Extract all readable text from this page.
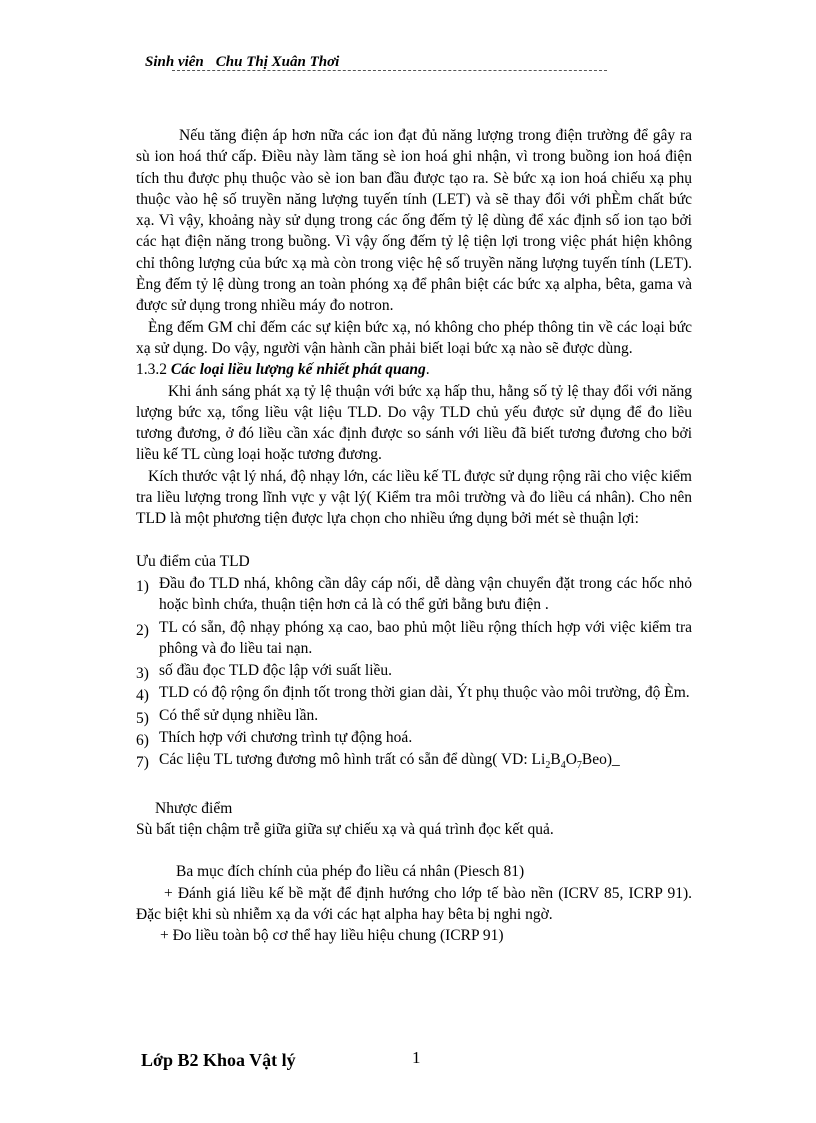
Sinh viên Chu Thị Xuân Thơi

Nếu tăng điện áp hơn nữa các ion đạt đủ năng lượng trong điện trường để gây ra sù ion hoá thứ cấp. Điều này làm tăng sè ion hoá ghi nhận, vì trong buồng ion hoá điện tích thu được phụ thuộc vào sè ion ban đầu được tạo ra. Sè bức xạ ion hoá chiếu xạ phụ thuộc vào hệ số truyền năng lượng tuyến tính (LET) và sẽ thay đổi với phÈm chất bức xạ. Vì vậy, khoảng này sử dụng trong các ống đếm tỷ lệ dùng để xác định số ion tạo bởi các hạt điện năng trong buồng. Vì vậy ống đếm tỷ lệ tiện lợi trong việc phát hiện không chỉ thông lượng của bức xạ mà còn trong việc hệ số truyền năng lượng tuyến tính (LET). Èng đếm tỷ lệ dùng trong an toàn phóng xạ để phân biệt các bức xạ alpha, bêta, gama và được sử dụng trong nhiều máy đo notron.

Èng đếm GM chỉ đếm các sự kiện bức xạ, nó không cho phép thông tin về các loại bức xạ sử dụng. Do vậy, người vận hành cần phải biết loại bức xạ nào sẽ được dùng.

1.3.2 Các loại liều lượng kế nhiết phát quang.

Khi ánh sáng phát xạ tỷ lệ thuận với bức xạ hấp thu, hằng số tỷ lệ thay đổi với năng lượng bức xạ, tổng liều vật liệu TLD. Do vậy TLD chủ yếu được sử dụng để đo liều tương đương, ở đó liều cần xác định được so sánh với liều đã biết tương đương cho bởi liều kế TL cùng loại hoặc tương đương.

Kích thước vật lý nhá, độ nhạy lớn, các liều kế TL được sử dụng rộng rãi cho việc kiểm tra liều lượng trong lĩnh vực y vật lý( Kiểm tra môi trường và đo liều cá nhân). Cho nên TLD là một phương tiện được lựa chọn cho nhiều ứng dụng bởi mét sè thuận lợi:

Ưu điểm của TLD

1) Đầu đo TLD nhá, không cần dây cáp nối, dễ dàng vận chuyển đặt trong các hốc nhỏ hoặc bình chứa, thuận tiện hơn cả là có thể gửi bằng bưu điện .
2) TL có sẵn, độ nhạy phóng xạ cao, bao phủ một liều rộng thích hợp với việc kiểm tra phông và đo liều tai nạn.
3) số đầu đọc TLD độc lập với suất liều.
4) TLD có độ rộng ổn định tốt trong thời gian dài, Ýt phụ thuộc vào môi trường, độ Èm.
5) Có thể sử dụng nhiều lần.
6) Thích hợp với chương trình tự động hoá.
7) Các liệu TL tương đương mô hình trất có sẵn để dùng( VD: $Li_2B_4O_7Beo)\_$

Nhược điểm

Sù bất tiện chậm trễ giữa giữa sự chiếu xạ và quá trình đọc kết quả.

Ba mục đích chính của phép đo liều cá nhân (Piesch 81)

+ Đánh giá liều kế bề mặt để định hướng cho lớp tế bào nền (ICRV 85, ICRP 91). Đặc biệt khi sù nhiễm xạ da với các hạt alpha hay bêta bị nghi ngờ.

+ Đo liều toàn bộ cơ thể hay liều hiệu chung (ICRP 91)

Lớp B2 Khoa Vật lý	1
